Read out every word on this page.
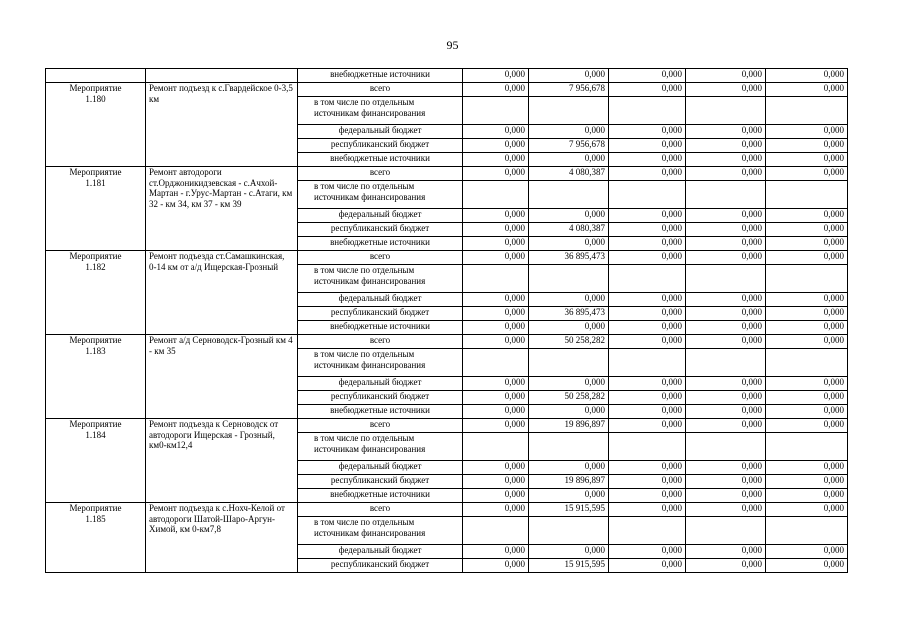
95
		внебюджетные источники	0,000	0,000	0,000	0,000	0,000

Мероприятие
1.180	Ремонт подъезд к с.Гвардейское 0-3,5 км	всего	0,000	7 956,678	0,000	0,000	0,000
		в том числе по отдельным источникам финансирования					
		федеральный бюджет	0,000	0,000	0,000	0,000	0,000
		республиканский бюджет	0,000	7 956,678	0,000	0,000	0,000
		внебюджетные источники	0,000	0,000	0,000	0,000	0,000

Мероприятие
1.181	Ремонт автодороги ст.Орджоникидзевская - с.Ачхой-Мартан - г.Урус-Мартан - с.Атаги, км 32 - км 34, км 37 - км 39	всего	0,000	4 080,387	0,000	0,000	0,000
		в том числе по отдельным источникам финансирования					
		федеральный бюджет	0,000	0,000	0,000	0,000	0,000
		республиканский бюджет	0,000	4 080,387	0,000	0,000	0,000
		внебюджетные источники	0,000	0,000	0,000	0,000	0,000

Мероприятие
1.182	Ремонт подъезда ст.Самашкинская, 0-14 км от а/д Ищерская-Грозный	всего	0,000	36 895,473	0,000	0,000	0,000
		в том числе по отдельным источникам финансирования					
		федеральный бюджет	0,000	0,000	0,000	0,000	0,000
		республиканский бюджет	0,000	36 895,473	0,000	0,000	0,000
		внебюджетные источники	0,000	0,000	0,000	0,000	0,000

Мероприятие
1.183	Ремонт а/д Серноводск-Грозный км 4 - км 35	всего	0,000	50 258,282	0,000	0,000	0,000
		в том числе по отдельным источникам финансирования					
		федеральный бюджет	0,000	0,000	0,000	0,000	0,000
		республиканский бюджет	0,000	50 258,282	0,000	0,000	0,000
		внебюджетные источники	0,000	0,000	0,000	0,000	0,000

Мероприятие
1.184	Ремонт подъезда к Серноводск от автодороги Ищерская - Грозный, км0-км12,4	всего	0,000	19 896,897	0,000	0,000	0,000
		в том числе по отдельным источникам финансирования					
		федеральный бюджет	0,000	0,000	0,000	0,000	0,000
		республиканский бюджет	0,000	19 896,897	0,000	0,000	0,000
		внебюджетные источники	0,000	0,000	0,000	0,000	0,000

Мероприятие
1.185	Ремонт подъезда к с.Нохч-Келой от автодороги Шатой-Шаро-Аргун-Химой, км 0-км7,8	всего	0,000	15 915,595	0,000	0,000	0,000
		в том числе по отдельным источникам финансирования					
		федеральный бюджет	0,000	0,000	0,000	0,000	0,000
		республиканский бюджет	0,000	15 915,595	0,000	0,000	0,000
